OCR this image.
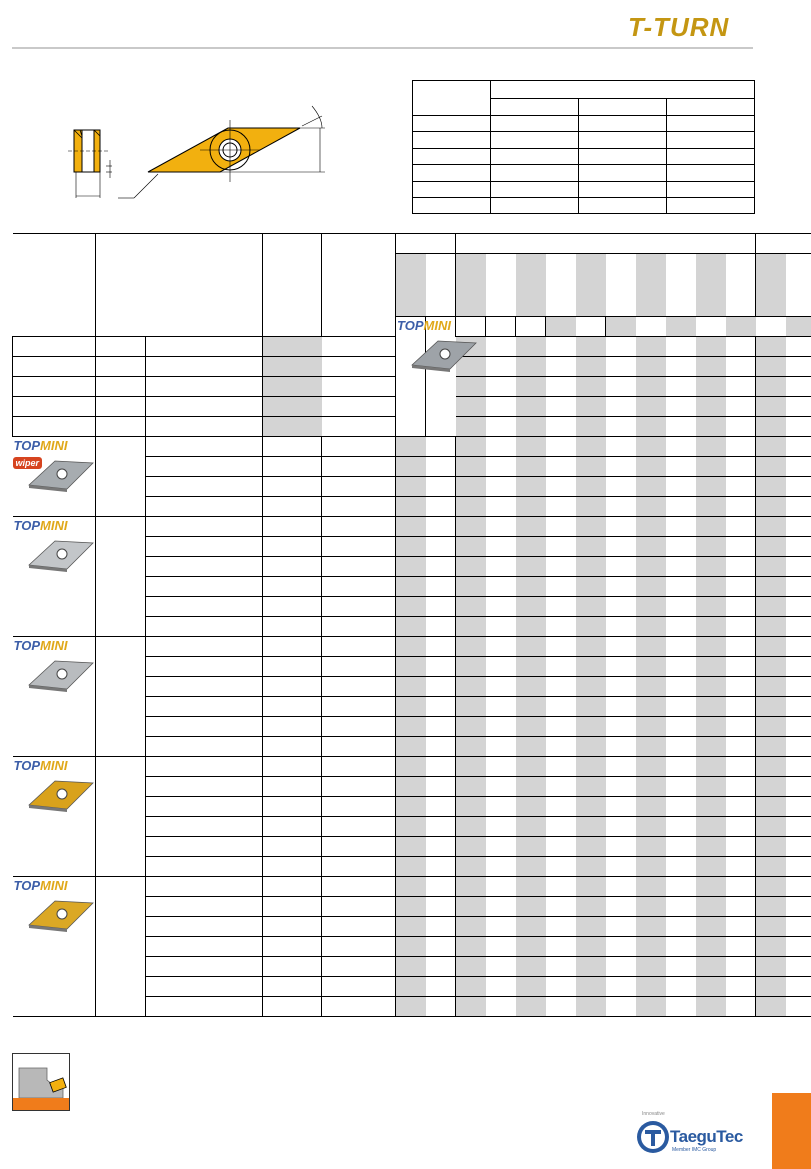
T-TURN

					TOPMINI														

TOPMINI
wiper																			

TOPMINI																			

TOPMINI																			

TOPMINI																			

TOPMINI																			

Innovative
TaeguTec
Member IMC Group
